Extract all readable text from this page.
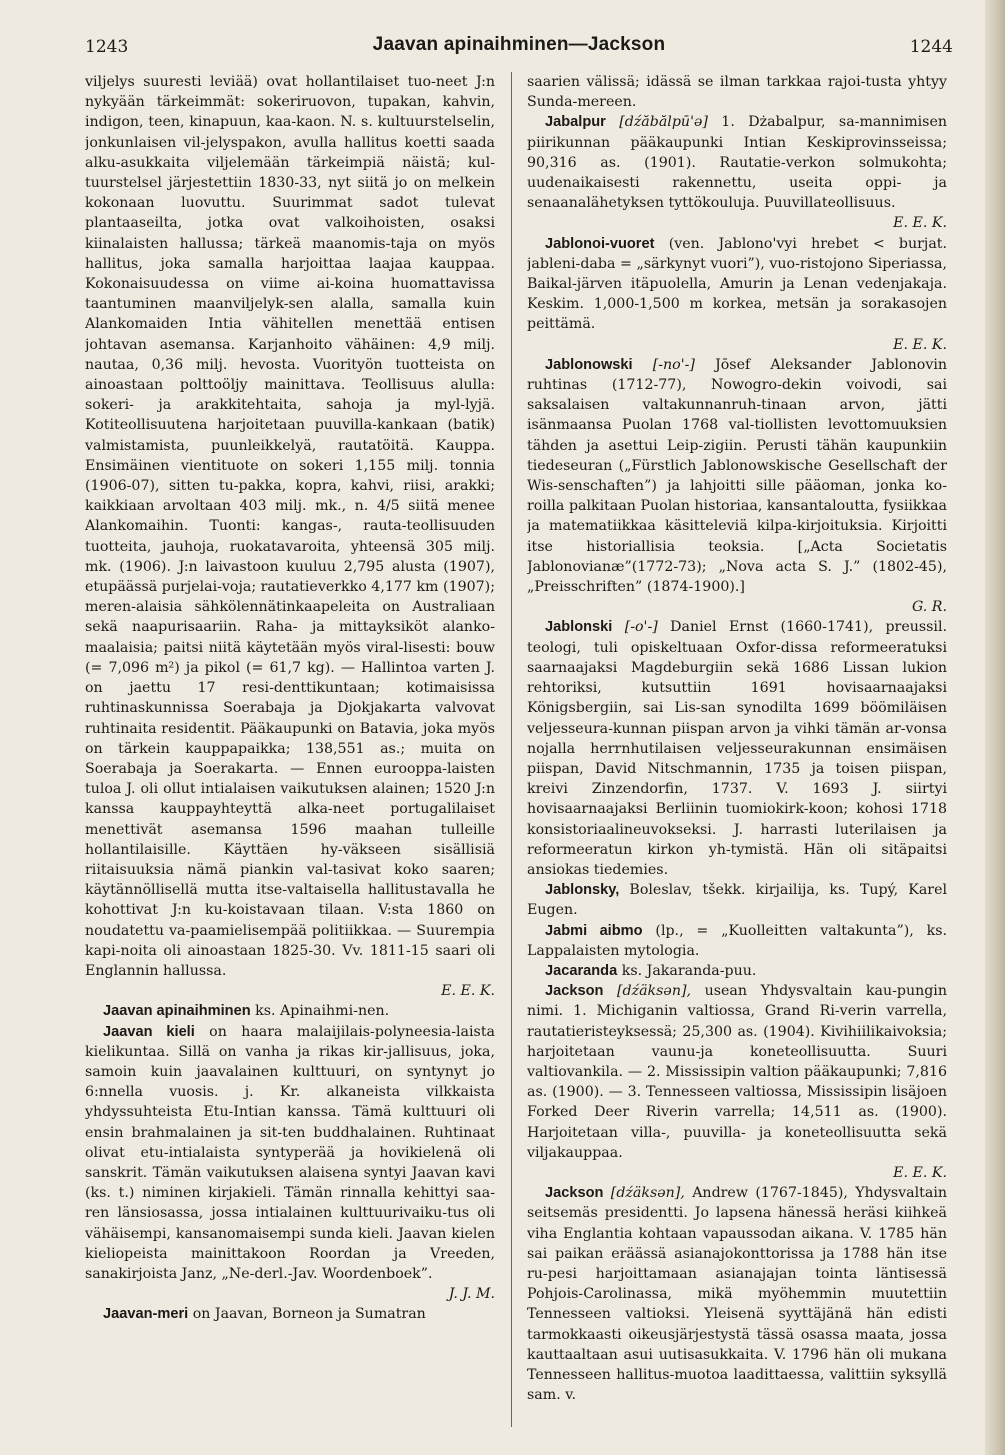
1243	Jaavan apinaihminen—Jackson	1244

viljelys suuresti leviää) ovat hollantilaiset tuo-neet J:n nykyään tärkeimmät: sokeriruovon, tupakan, kahvin, indigon, teen, kinapuun, kaa-kaon. N. s. kultuurstelselin, jonkunlaisen vil-jelyspakon, avulla hallitus koetti saada alku-asukkaita viljelemään tärkeimpiä näistä; kul-tuurstelsel järjestettiin 1830-33, nyt siitä jo on melkein kokonaan luovuttu. Suurimmat sadot tulevat plantaaseilta, jotka ovat valkoihoisten, osaksi kiinalaisten hallussa; tärkeä maanomis-taja on myös hallitus, joka samalla harjoittaa laajaa kauppaa. Kokonaisuudessa on viime ai-koina huomattavissa taantuminen maanviljelyk-sen alalla, samalla kuin Alankomaiden Intia vähitellen menettää entisen johtavan asemansa. Karjanhoito vähäinen: 4,9 milj. nautaa, 0,36 milj. hevosta. Vuorityön tuotteista on ainoastaan polttoöljy mainittava. Teollisuus alulla: sokeri- ja arakkitehtaita, sahoja ja myl-lyjä. Kotiteollisuutena harjoitetaan puuvilla-kankaan (batik) valmistamista, puunleikkelyä, rautatöitä. Kauppa. Ensimäinen vientituote on sokeri 1,155 milj. tonnia (1906-07), sitten tu-pakka, kopra, kahvi, riisi, arakki; kaikkiaan arvoltaan 403 milj. mk., n. 4/5 siitä menee Alankomaihin. Tuonti: kangas-, rauta-teollisuuden tuotteita, jauhoja, ruokatavaroita, yhteensä 305 milj. mk. (1906). J:n laivastoon kuuluu 2,795 alusta (1907), etupäässä purjelai-voja; rautatieverkko 4,177 km (1907); meren-alaisia sähkölennätinkaapeleita on Australiaan sekä naapurisaariin. Raha- ja mittayksiköt alanko-maalaisia; paitsi niitä käytetään myös viral-lisesti: bouw (= 7,096 m²) ja pikol (= 61,7 kg). — Hallintoa varten J. on jaettu 17 resi-denttikuntaan; kotimaisissa ruhtinaskunnissa Soerabaja ja Djokjakarta valvovat ruhtinaita residentit. Pääkaupunki on Batavia, joka myös on tärkein kauppapaikka; 138,551 as.; muita on Soerabaja ja Soerakarta. — Ennen eurooppa-laisten tuloa J. oli ollut intialaisen vaikutuksen alainen; 1520 J:n kanssa kauppayhteyttä alka-neet portugalilaiset menettivät asemansa 1596 maahan tulleille hollantilaisille. Käyttäen hy-väkseen sisällisiä riitaisuuksia nämä piankin val-tasivat koko saaren; käytännöllisellä mutta itse-valtaisella hallitustavalla he kohottivat J:n ku-koistavaan tilaan. V:sta 1860 on noudatettu va-paamielisempää politiikkaa. — Suurempia kapi-noita oli ainoastaan 1825-30. Vv. 1811-15 saari oli Englannin hallussa.
E. E. K.

Jaavan apinaihminen ks. Apinaihmi-nen.

Jaavan kieli on haara malaijilais-polyneesia-laista kielikuntaa. Sillä on vanha ja rikas kir-jallisuus, joka, samoin kuin jaavalainen kulttuuri, on syntynyt jo 6:nnella vuosis. j. Kr. alkaneista vilkkaista yhdyssuhteista Etu-Intian kanssa. Tämä kulttuuri oli ensin brahmalainen ja sit-ten buddhalainen. Ruhtinaat olivat etu-intialaista syntyperää ja hovikielenä oli sanskrit. Tämän vaikutuksen alaisena syntyi Jaavan kavi (ks. t.) niminen kirjakieli. Tämän rinnalla kehittyi saa-ren länsiosassa, jossa intialainen kulttuurivaiku-tus oli vähäisempi, kansanomaisempi sunda kieli. Jaavan kielen kieliopeista mainittakoon Roordan ja Vreeden, sanakirjoista Janz, „Ne-derl.-Jav. Woordenboek”.
J. J. M.

Jaavan-meri on Jaavan, Borneon ja Sumatran

saarien välissä; idässä se ilman tarkkaa rajoi-tusta yhtyy Sunda-mereen.

Jabalpur [dźăbălpū'ə] 1. Dżabalpur, sa-mannimisen piirikunnan pääkaupunki Intian Keskiprovinsseissa; 90,316 as. (1901). Rautatie-verkon solmukohta; uudenaikaisesti rakennettu, useita oppi- ja senaanalähetyksen tyttökouluja. Puuvillateollisuus.
E. E. K.

Jablonoi-vuoret (ven. Jablono'vyi hrebet < burjat. jableni-daba = „särkynyt vuori”), vuo-ristojono Siperiassa, Baikal-järven itäpuolella, Amurin ja Lenan vedenjakaja. Keskim. 1,000-1,500 m korkea, metsän ja sorakasojen peittämä.
E. E. K.

Jablonowski [-no'-] Jōsef Aleksander Jablonovin ruhtinas (1712-77), Nowogro-dekin voivodi, sai saksalaisen valtakunnanruh-tinaan arvon, jätti isänmaansa Puolan 1768 val-tiollisten levottomuuksien tähden ja asettui Leip-zigiin. Perusti tähän kaupunkiin tiedeseuran („Fürstlich Jablonowskische Gesellschaft der Wis-senschaften”) ja lahjoitti sille pääoman, jonka ko-roilla palkitaan Puolan historiaa, kansantaloutta, fysiikkaa ja matematiikkaa käsitteleviä kilpa-kirjoituksia. Kirjoitti itse historiallisia teoksia. [„Acta Societatis Jablonovianæ”(1772-73); „Nova acta S. J.” (1802-45), „Preisschriften” (1874-1900).]
G. R.

Jablonski [-o'-] Daniel Ernst (1660-1741), preussil. teologi, tuli opiskeltuaan Oxfor-dissa reformeeratuksi saarnaajaksi Magdeburgiin sekä 1686 Lissan lukion rehtoriksi, kutsuttiin 1691 hovisaarnaajaksi Königsbergiin, sai Lis-san synodilta 1699 böömiläisen veljesseura-kunnan piispan arvon ja vihki tämän ar-vonsa nojalla herrnhutilaisen veljesseurakunnan ensimäisen piispan, David Nitschmannin, 1735 ja toisen piispan, kreivi Zinzendorfin, 1737. V. 1693 J. siirtyi hovisaarnaajaksi Berliinin tuomiokirk-koon; kohosi 1718 konsistoriaalineuvokseksi. J. harrasti luterilaisen ja reformeeratun kirkon yh-tymistä. Hän oli sitäpaitsi ansiokas tiedemies.

Jablonsky, Boleslav, tšekk. kirjailija, ks. Tupý, Karel Eugen.

Jabmi aibmo (lp., = „Kuolleitten valtakunta”), ks. Lappalaisten mytologia.

Jacaranda ks. Jakaranda-puu.

Jackson [dźäksən], usean Yhdysvaltain kau-pungin nimi. 1. Michiganin valtiossa, Grand Ri-verin varrella, rautatieristeyksessä; 25,300 as. (1904). Kivihiilikaivoksia; harjoitetaan vaunu-ja koneteollisuutta. Suuri valtiovankila. — 2. Mississipin valtion pääkaupunki; 7,816 as. (1900). — 3. Tennesseen valtiossa, Mississipin lisäjoen Forked Deer Riverin varrella; 14,511 as. (1900). Harjoitetaan villa-, puuvilla- ja koneteollisuutta sekä viljakauppaa.
E. E. K.

Jackson [dźäksən], Andrew (1767-1845), Yhdysvaltain seitsemäs presidentti. Jo lapsena hänessä heräsi kiihkeä viha Englantia kohtaan vapaussodan aikana. V. 1785 hän sai paikan eräässä asianajokonttorissa ja 1788 hän itse ru-pesi harjoittamaan asianajajan tointa läntisessä Pohjois-Carolinassa, mikä myöhemmin muutettiin Tennesseen valtioksi. Yleisenä syyttäjänä hän edisti tarmokkaasti oikeusjärjestystä tässä osassa maata, jossa kauttaaltaan asui uutisasukkaita. V. 1796 hän oli mukana Tennesseen hallitus-muotoa laadittaessa, valittiin syksyllä sam. v.
